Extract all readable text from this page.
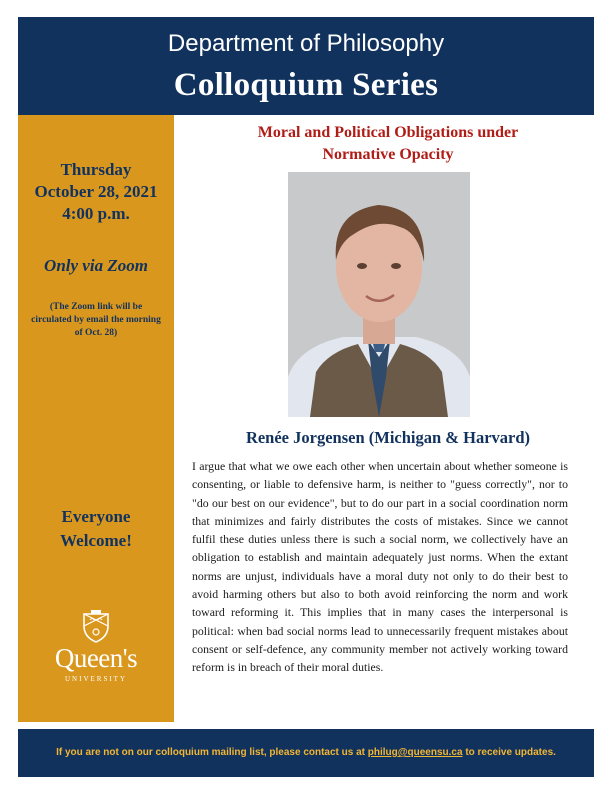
Department of Philosophy
Colloquium Series
Thursday
October 28, 2021
4:00 p.m.
Only via Zoom
(The Zoom link will be circulated by email the morning of Oct. 28)
Everyone
Welcome!
Queen's
UNIVERSITY
Moral and Political Obligations under
Normative Opacity
Renée Jorgensen (Michigan & Harvard)

I argue that what we owe each other when uncertain about whether someone is consenting, or liable to defensive harm, is neither to "guess correctly", nor to "do our best on our evidence", but to do our part in a social coordination norm that minimizes and fairly distributes the costs of mistakes. Since we cannot fulfil these duties unless there is such a social norm, we collectively have an obligation to establish and maintain adequately just norms. When the extant norms are unjust, individuals have a moral duty not only to do their best to avoid harming others but also to both avoid reinforcing the norm and work toward reforming it. This implies that in many cases the interpersonal is political: when bad social norms lead to unnecessarily frequent mistakes about consent or self-defence, any community member not actively working toward reform is in breach of their moral duties.

If you are not on our colloquium mailing list, please contact us at philug@queensu.ca to receive updates.
